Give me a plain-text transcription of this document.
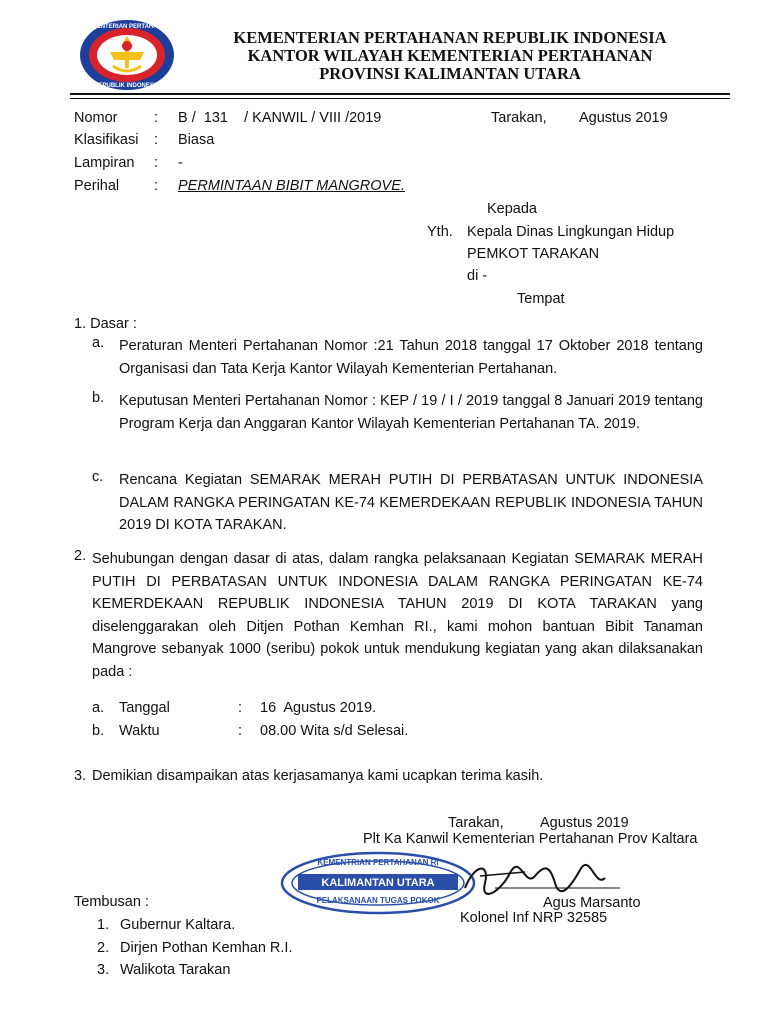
KEMENTERIAN PERTAHANAN
REPUBLIK INDONESIA
KEMENTERIAN PERTAHANAN REPUBLIK INDONESIA
KANTOR WILAYAH KEMENTERIAN PERTAHANAN
PROVINSI KALIMANTAN UTARA
Nomor	: B /  131    / KANWIL / VIII /2019	Tarakan, Agustus 2019
Klasifikasi : Biasa
Lampiran : -
Perihal : PERMINTAAN BIBIT MANGROVE.
Kepada
Yth. Kepala Dinas Lingkungan Hidup
PEMKOT TARAKAN
di -
Tempat
1. Dasar :
a. Peraturan Menteri Pertahanan Nomor :21 Tahun 2018 tanggal 17 Oktober 2018 tentang Organisasi dan Tata Kerja Kantor Wilayah Kementerian Pertahanan.
b. Keputusan Menteri Pertahanan Nomor : KEP / 19 / I / 2019 tanggal 8 Januari 2019 tentang Program Kerja dan Anggaran Kantor Wilayah Kementerian Pertahanan TA. 2019.
c. Rencana Kegiatan SEMARAK MERAH PUTIH DI PERBATASAN UNTUK INDONESIA DALAM RANGKA PERINGATAN KE-74 KEMERDEKAAN REPUBLIK INDONESIA TAHUN 2019 DI KOTA TARAKAN.
2. Sehubungan dengan dasar di atas, dalam rangka pelaksanaan Kegiatan SEMARAK MERAH PUTIH DI PERBATASAN UNTUK INDONESIA DALAM RANGKA PERINGATAN KE-74 KEMERDEKAAN REPUBLIK INDONESIA TAHUN 2019 DI KOTA TARAKAN yang diselenggarakan oleh Ditjen Pothan Kemhan RI., kami mohon bantuan Bibit Tanaman Mangrove sebanyak 1000 (seribu) pokok untuk mendukung kegiatan yang akan dilaksanakan pada :
a. Tanggal	: 16  Agustus 2019.
b. Waktu	: 08.00 Wita s/d Selesai.
3. Demikian disampaikan atas kerjasamanya kami ucapkan terima kasih.
Tarakan,	Agustus 2019
Plt Ka Kanwil Kementerian Pertahanan Prov Kaltara
KEMENTRIAN PERTAHANAN RI
KALIMANTAN UTARA
PELAKSANAAN TUGAS POKOK	Agus Marsanto
Kolonel Inf NRP 32585
Tembusan :
1. Gubernur Kaltara.
2. Dirjen Pothan Kemhan R.I.
3. Walikota Tarakan
